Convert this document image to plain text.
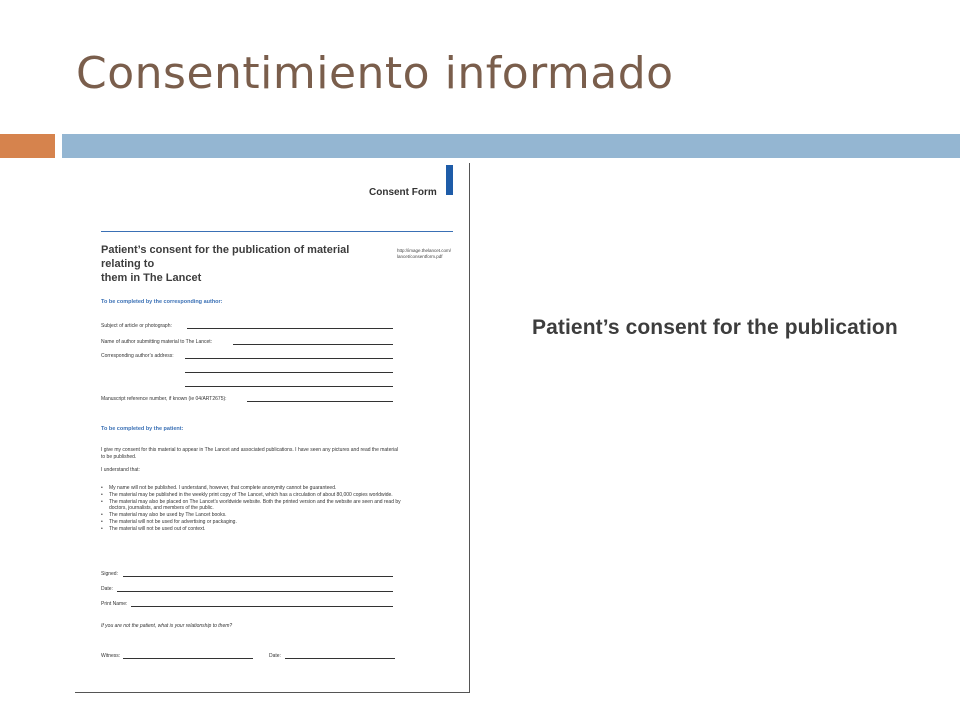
Consentimiento informado
Consent Form
Patient’s consent for the publication of material relating to
them in The Lancet
http://image.thelancet.com/ lancet/consentform.pdf
To be completed by the corresponding author:
Subject of article or photograph:
Name of author submitting material to The Lancet:
Corresponding author’s address:
Manuscript reference number, if known (ie 04/ART2675):
To be completed by the patient:
I give my consent for this material to appear in The Lancet and associated publications. I have seen any pictures and read the material to be published.
I understand that:
• My name will not be published. I understand, however, that complete anonymity cannot be guaranteed.
• The material may be published in the weekly print copy of The Lancet, which has a circulation of about 80,000 copies worldwide.
• The material may also be placed on The Lancet’s worldwide website. Both the printed version and the website are seen and read by doctors, journalists, and members of the public.
• The material may also be used by The Lancet books.
• The material will not be used for advertising or packaging.
• The material will not be used out of context.
Signed:
Date:
Print Name:
If you are not the patient, what is your relationship to them?
Witness:	Date:
Patient’s consent for the publication
